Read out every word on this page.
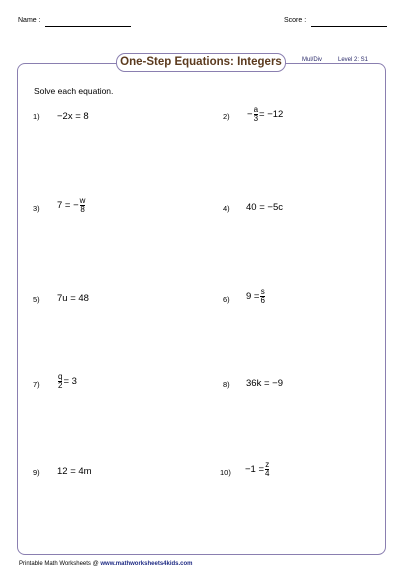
Name :	Score :
One-Step Equations: Integers	Mul/Div	Level 2: S1
Solve each equation.
1) −2x = 8	$2) - \frac{a}{3} = -12$
3) 7 = − $\frac{w}{8}$	4) 40 = −5c
5) 7u = 48	6) $9 = \frac{s}{6}$
$7) \frac{q}{2} = 3$	8) 36k = −9
9) 12 = 4m	$10) -1 = \frac{z}{4}$
Printable Math Worksheets @ www.mathworksheets4kids.com
